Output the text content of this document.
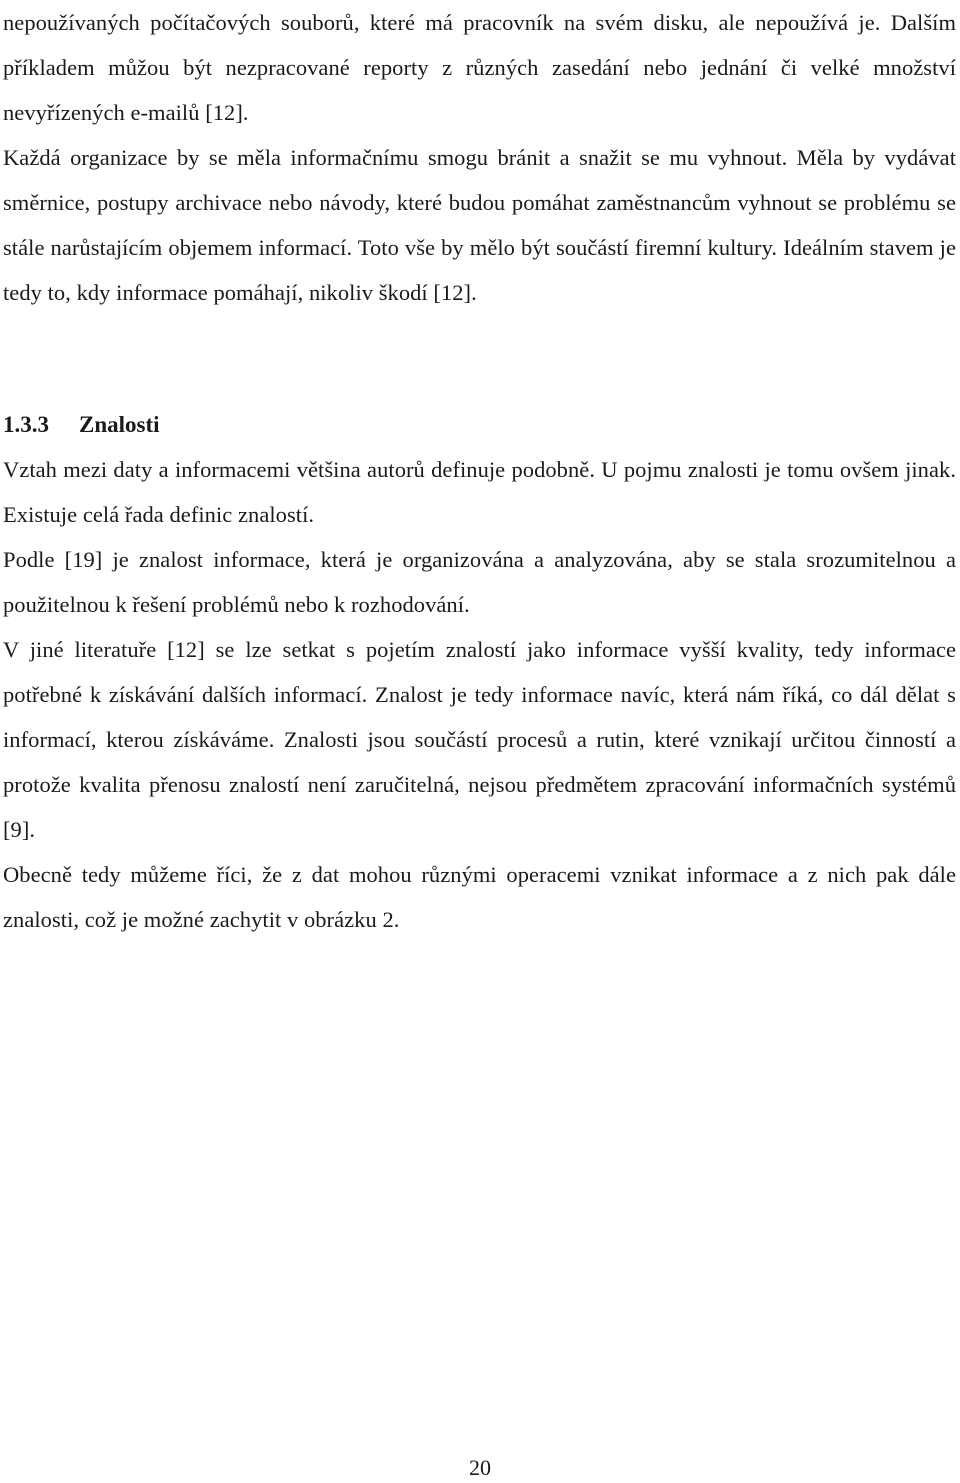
nepoužívaných počítačových souborů, které má pracovník na svém disku, ale nepoužívá je. Dalším příkladem můžou být nezpracované reporty z různých zasedání nebo jednání či velké množství nevyřízených e-mailů [12].

Každá organizace by se měla informačnímu smogu bránit a snažit se mu vyhnout. Měla by vydávat směrnice, postupy archivace nebo návody, které budou pomáhat zaměstnancům vyhnout se problému se stále narůstajícím objemem informací. Toto vše by mělo být součástí firemní kultury. Ideálním stavem je tedy to, kdy informace pomáhají, nikoliv škodí [12].

1.3.3 Znalosti

Vztah mezi daty a informacemi většina autorů definuje podobně. U pojmu znalosti je tomu ovšem jinak. Existuje celá řada definic znalostí.

Podle [19] je znalost informace, která je organizována a analyzována, aby se stala srozumitelnou a použitelnou k řešení problémů nebo k rozhodování.

V jiné literatuře [12] se lze setkat s pojetím znalostí jako informace vyšší kvality, tedy informace potřebné k získávání dalších informací. Znalost je tedy informace navíc, která nám říká, co dál dělat s informací, kterou získáváme. Znalosti jsou součástí procesů a rutin, které vznikají určitou činností a protože kvalita přenosu znalostí není zaručitelná, nejsou předmětem zpracování informačních systémů [9].

Obecně tedy můžeme říci, že z dat mohou různými operacemi vznikat informace a z nich pak dále znalosti, což je možné zachytit v obrázku 2.

20
